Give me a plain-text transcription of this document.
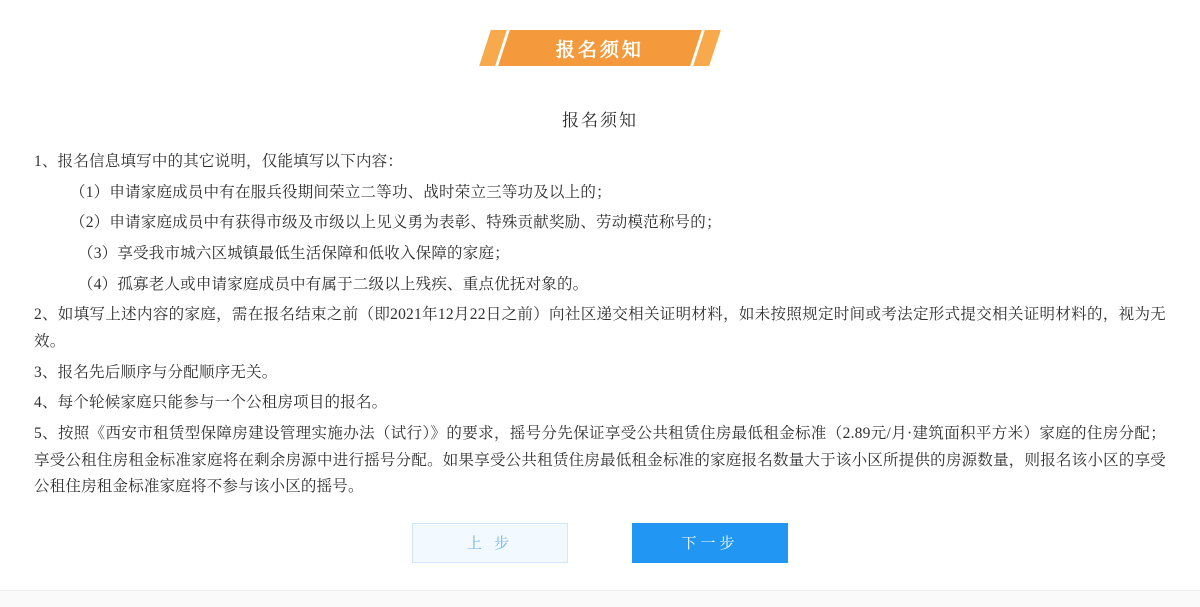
报名须知
报名须知

1、报名信息填写中的其它说明，仅能填写以下内容：

（1）申请家庭成员中有在服兵役期间荣立二等功、战时荣立三等功及以上的；

（2）申请家庭成员中有获得市级及市级以上见义勇为表彰、特殊贡献奖励、劳动模范称号的；

（3）享受我市城六区城镇最低生活保障和低收入保障的家庭；

（4）孤寡老人或申请家庭成员中有属于二级以上残疾、重点优抚对象的。

2、如填写上述内容的家庭，需在报名结束之前（即2021年12月22日之前）向社区递交相关证明材料，如未按照规定时间或考法定形式提交相关证明材料的，视为无效。

3、报名先后顺序与分配顺序无关。

4、每个轮候家庭只能参与一个公租房项目的报名。

5、按照《西安市租赁型保障房建设管理实施办法（试行）》的要求，摇号分先保证享受公共租赁住房最低租金标准（2.89元/月·建筑面积平方米）家庭的住房分配；享受公租住房租金标准家庭将在剩余房源中进行摇号分配。如果享受公共租赁住房最低租金标准的家庭报名数量大于该小区所提供的房源数量，则报名该小区的享受公租住房租金标准家庭将不参与该小区的摇号。

上 步	下一步
